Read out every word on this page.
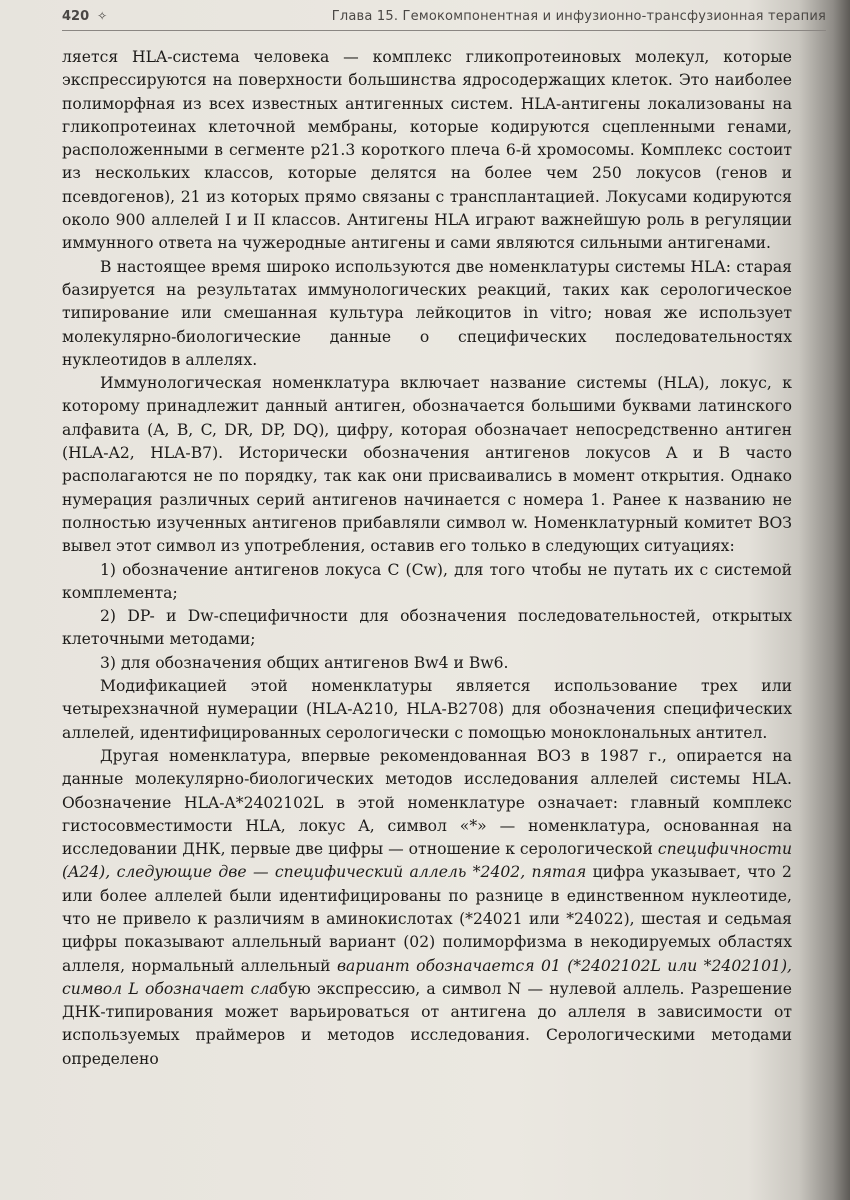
420 ✧	Глава 15. Гемокомпонентная и инфузионно-трансфузионная терапия

ляется HLA-система человека — комплекс гликопротеиновых молекул, которые экспрессируются на поверхности большинства ядросодержащих клеток. Это наиболее полиморфная из всех известных антигенных систем. HLA-антигены локализованы на гликопротеинах клеточной мембраны, которые кодируются сцепленными генами, расположенными в сегменте p21.3 короткого плеча 6-й хромосомы. Комплекс состоит из нескольких классов, которые делятся на более чем 250 локусов (генов и псевдогенов), 21 из которых прямо связаны с трансплантацией. Локусами кодируются около 900 аллелей I и II классов. Антигены HLA играют важнейшую роль в регуляции иммунного ответа на чужеродные антигены и сами являются сильными антигенами.

В настоящее время широко используются две номенклатуры системы HLA: старая базируется на результатах иммунологических реакций, таких как серологическое типирование или смешанная культура лейкоцитов in vitro; новая же использует молекулярно-биологические данные о специфических последовательностях нуклеотидов в аллелях.

Иммунологическая номенклатура включает название системы (HLA), локус, к которому принадлежит данный антиген, обозначается большими буквами латинского алфавита (A, B, C, DR, DP, DQ), цифру, которая обозначает непосредственно антиген (HLA-A2, HLA-B7). Исторически обозначения антигенов локусов A и B часто располагаются не по порядку, так как они присваивались в момент открытия. Однако нумерация различных серий антигенов начинается с номера 1. Ранее к названию не полностью изученных антигенов прибавляли символ w. Номенклатурный комитет ВОЗ вывел этот символ из употребления, оставив его только в следующих ситуациях:

1) обозначение антигенов локуса C (Cw), для того чтобы не путать их с системой комплемента;

2) DP- и Dw-специфичности для обозначения последовательностей, открытых клеточными методами;

3) для обозначения общих антигенов Bw4 и Bw6.

Модификацией этой номенклатуры является использование трех или четырехзначной нумерации (HLA-A210, HLA-B2708) для обозначения специфических аллелей, идентифицированных серологически с помощью моноклональных антител.

Другая номенклатура, впервые рекомендованная ВОЗ в 1987 г., опирается на данные молекулярно-биологических методов исследования аллелей системы HLA. Обозначение HLA-A*2402102L в этой номенклатуре означает: главный комплекс гистосовместимости HLA, локус A, символ «*» — номенклатура, основанная на исследовании ДНК, первые две цифры — отношение к серологической специфичности (A24), следующие две — специфический аллель *2402, пятая цифра указывает, что 2 или более аллелей были идентифицированы по разнице в единственном нуклеотиде, что не привело к различиям в аминокислотах (*24021 или *24022), шестая и седьмая цифры показывают аллельный вариант (02) полиморфизма в некодируемых областях аллеля, нормальный аллельный вариант обозначается 01 (*2402102L или *2402101), символ L обозначает слабую экспрессию, а символ N — нулевой аллель. Разрешение ДНК-типирования может варьироваться от антигена до аллеля в зависимости от используемых праймеров и методов исследования. Серологическими методами определено
